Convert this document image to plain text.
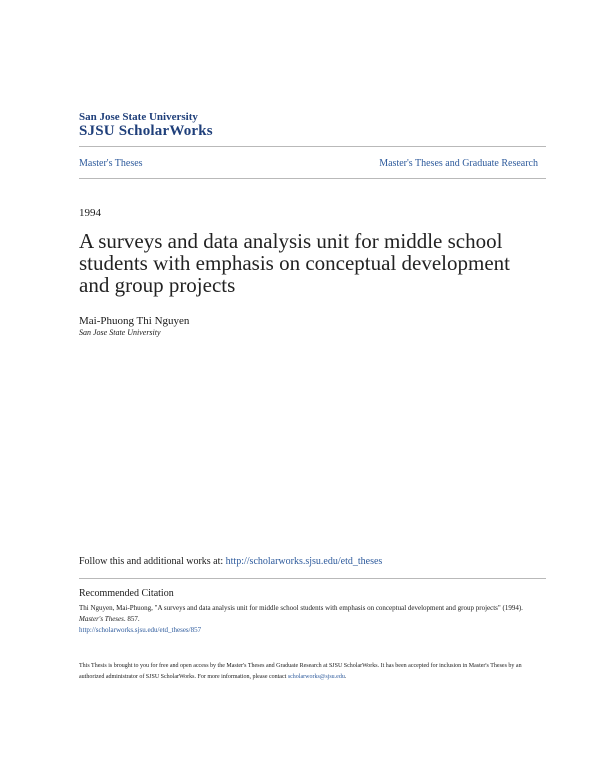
San Jose State University
SJSU ScholarWorks
Master's Theses	Master's Theses and Graduate Research
1994
A surveys and data analysis unit for middle school students with emphasis on conceptual development and group projects
Mai-Phuong Thi Nguyen
San Jose State University
Follow this and additional works at: http://scholarworks.sjsu.edu/etd_theses
Recommended Citation
Thi Nguyen, Mai-Phuong, "A surveys and data analysis unit for middle school students with emphasis on conceptual development and group projects" (1994). Master's Theses. 857.
http://scholarworks.sjsu.edu/etd_theses/857
This Thesis is brought to you for free and open access by the Master's Theses and Graduate Research at SJSU ScholarWorks. It has been accepted for inclusion in Master's Theses by an authorized administrator of SJSU ScholarWorks. For more information, please contact scholarworks@sjsu.edu.
